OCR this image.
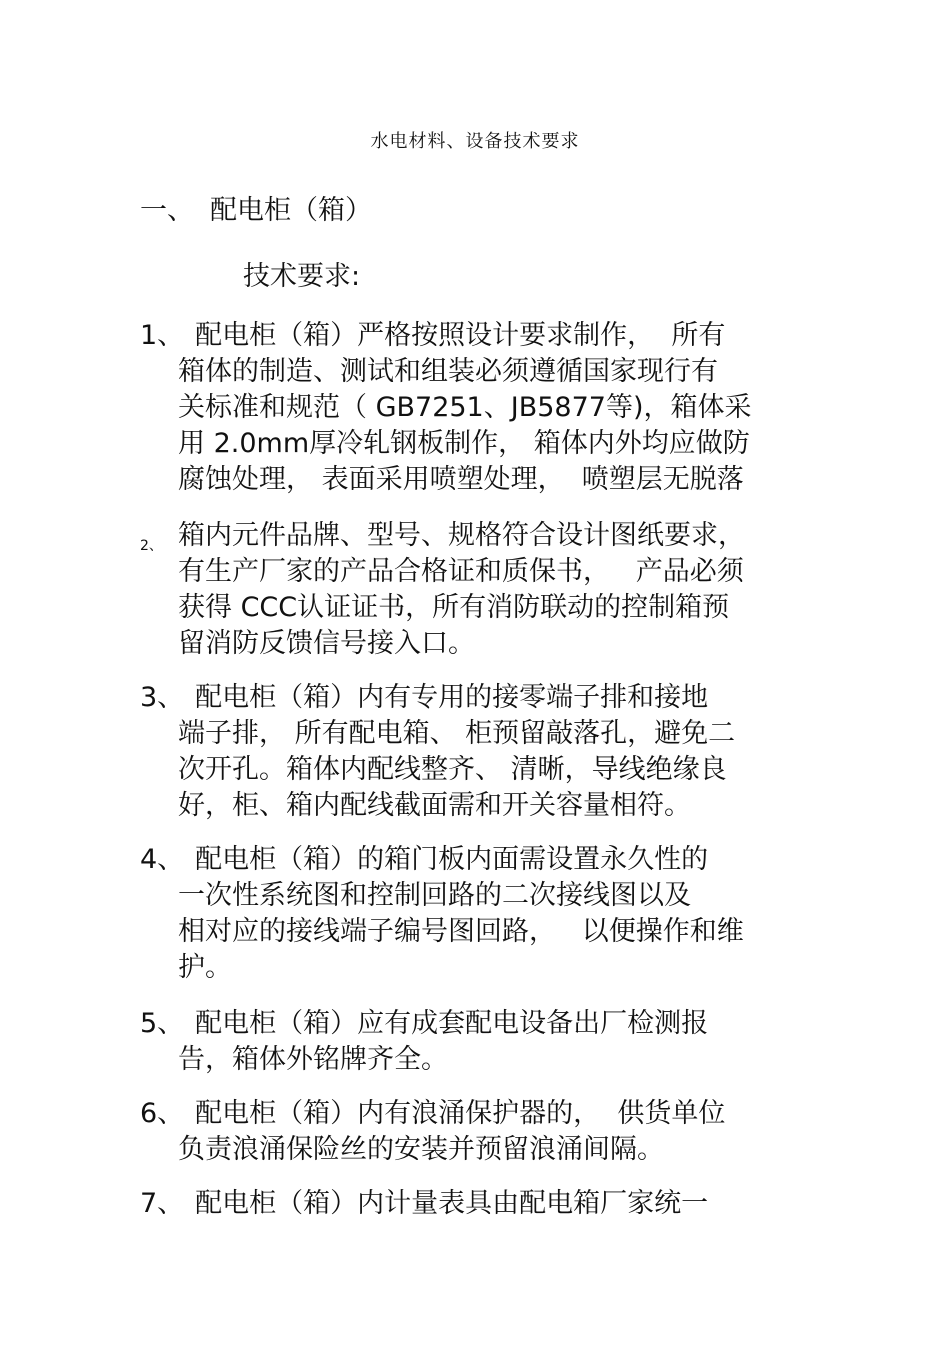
水电材料、设备技术要求
一、 配电柜（箱）
技术要求:
1、
配电柜（箱）严格按照设计要求制作，  所有
箱体的制造、测试和组装必须遵循国家现行有
关标准和规范（ GB7251、JB5877等)，箱体采
用 2.0mm厚冷轧钢板制作， 箱体内外均应做防
腐蚀处理， 表面采用喷塑处理，  喷塑层无脱落
2、 箱内元件品牌、型号、规格符合设计图纸要求，
有生产厂家的产品合格证和质保书，   产品必须
获得 CCC认证证书，所有消防联动的控制箱预
留消防反馈信号接入口。
3、
配电柜（箱）内有专用的接零端子排和接地
端子排， 所有配电箱、 柜预留敲落孔，避免二
次开孔。箱体内配线整齐、 清晰，导线绝缘良
好，柜、箱内配线截面需和开关容量相符。
4、
配电柜（箱）的箱门板内面需设置永久性的
一次性系统图和控制回路的二次接线图以及
相对应的接线端子编号图回路，   以便操作和维
护。
5、
配电柜（箱）应有成套配电设备出厂检测报
告，箱体外铭牌齐全。
6、
配电柜（箱）内有浪涌保护器的，  供货单位
负责浪涌保险丝的安装并预留浪涌间隔。
7、
配电柜（箱）内计量表具由配电箱厂家统一
